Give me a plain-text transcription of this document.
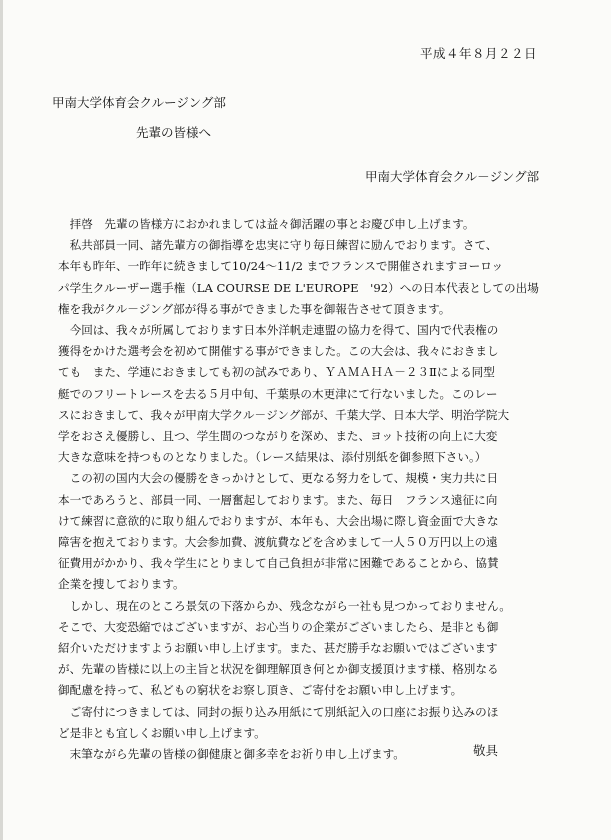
平成４年８月２２日
甲南大学体育会クルージング部
先輩の皆様へ
甲南大学体育会クル－ジング部
　拝啓　先輩の皆様方におかれましては益々御活躍の事とお慶び申し上げます。
　私共部員一同、諸先輩方の御指導を忠実に守り毎日練習に励んでおります。さて、
本年も昨年、一昨年に続きまして10/24～11/2 までフランスで開催されますヨーロッ
パ学生クルーザー選手権（LA COURSE DE L'EUROPE　'92）への日本代表としての出場
権を我がクル－ジング部が得る事ができました事を御報告させて頂きます。
　今回は、我々が所属しております日本外洋帆走連盟の協力を得て、国内で代表権の
獲得をかけた選考会を初めて開催する事ができました。この大会は、我々におきまし
ても　また、学連におきましても初の試みであり、ＹＡＭＡＨＡ－２３Ⅱによる同型
艇でのフリートレースを去る５月中旬、千葉県の木更津にて行ないました。このレー
スにおきまして、我々が甲南大学クル－ジング部が、千葉大学、日本大学、明治学院大
学をおさえ優勝し、且つ、学生間のつながりを深め、また、ヨット技術の向上に大変
大きな意味を持つものとなりました。（レース結果は、添付別紙を御参照下さい。）
　この初の国内大会の優勝をきっかけとして、更なる努力をして、規模・実力共に日
本一であろうと、部員一同、一層奮起しております。また、毎日　フランス遠征に向
けて練習に意欲的に取り組んでおりますが、本年も、大会出場に際し資金面で大きな
障害を抱えております。大会参加費、渡航費などを含めまして一人５０万円以上の遠
征費用がかかり、我々学生にとりまして自己負担が非常に困難であることから、協賛
企業を捜しております。
　しかし、現在のところ景気の下落からか、残念ながら一社も見つかっておりません。
そこで、大変恐縮ではございますが、お心当りの企業がございましたら、是非とも御
紹介いただけますようお願い申し上げます。また、甚だ勝手なお願いではございます
が、先輩の皆様に以上の主旨と状況を御理解頂き何とか御支援頂けます様、格別なる
御配慮を持って、私どもの窮状をお察し頂き、ご寄付をお願い申し上げます。
　ご寄付につきましては、同封の振り込み用紙にて別紙記入の口座にお振り込みのほ
ど是非とも宜しくお願い申し上げます。
　末筆ながら先輩の皆様の御健康と御多幸をお祈り申し上げます。	敬具
